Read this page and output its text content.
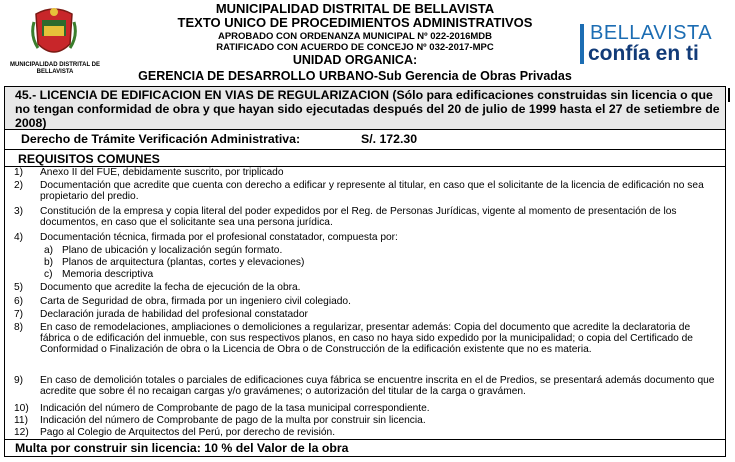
MUNICIPALIDAD DISTRITAL DE BELLAVISTA
MUNICIPALIDAD DISTRITAL DE BELLAVISTA
TEXTO UNICO DE PROCEDIMIENTOS ADMINISTRATIVOS
APROBADO CON ORDENANZA MUNICIPAL Nº 022-2016MDB
RATIFICADO CON ACUERDO DE CONCEJO Nº 032-2017-MPC
UNIDAD ORGANICA:
GERENCIA DE DESARROLLO URBANO-Sub Gerencia de Obras Privadas
BELLAVISTA
confía en ti
45.- LICENCIA DE EDIFICACION EN VIAS DE REGULARIZACION (Sólo para edificaciones construidas sin licencia o que no tengan conformidad de obra y que hayan sido ejecutadas después del 20 de julio de 1999 hasta el 27 de setiembre de 2008)
Derecho de Trámite Verificación Administrativa:	S/. 172.30
REQUISITOS COMUNES
1)	Anexo II del FUE, debidamente suscrito, por triplicado
2)	Documentación que acredite que cuenta con derecho a edificar y represente al titular, en caso que el solicitante de la licencia de edificación no sea propietario del predio.
3)	Constitución de la empresa y copia literal del poder expedidos por el Reg. de Personas Jurídicas, vigente al momento de presentación de los documentos, en caso que el solicitante sea una persona jurídica.
4)	Documentación técnica, firmada por el profesional constatador, compuesta por:
a) Plano de ubicación y localización según formato.
b) Planos de arquitectura (plantas, cortes y elevaciones)
c) Memoria descriptiva
5)	Documento que acredite la fecha de ejecución de la obra.
6)	Carta de Seguridad de obra, firmada por un ingeniero civil colegiado.
7)	Declaración jurada de habilidad del profesional constatador
8)	En caso de remodelaciones, ampliaciones o demoliciones a regularizar, presentar además: Copia del documento que acredite la declaratoria de fábrica o de edificación del inmueble, con sus respectivos planos, en caso no haya sido expedido por la municipalidad; o copia del Certificado de Conformidad o Finalización de obra o la Licencia de Obra o de Construcción de la edificación existente que no es materia.
9)	En caso de demolición totales o parciales de edificaciones cuya fábrica se encuentre inscrita en el de Predios, se presentará además documento que acredite que sobre él no recaigan cargas y/o gravámenes; o autorización del titular de la carga o gravámen.
10)	Indicación del número de Comprobante de pago de la tasa municipal correspondiente.
11)	Indicación del número de Comprobante de pago de la multa por construir sin licencia.
12)	Pago al Colegio de Arquitectos del Perú, por derecho de revisión.
Multa por construir sin licencia: 10 % del Valor de la obra
